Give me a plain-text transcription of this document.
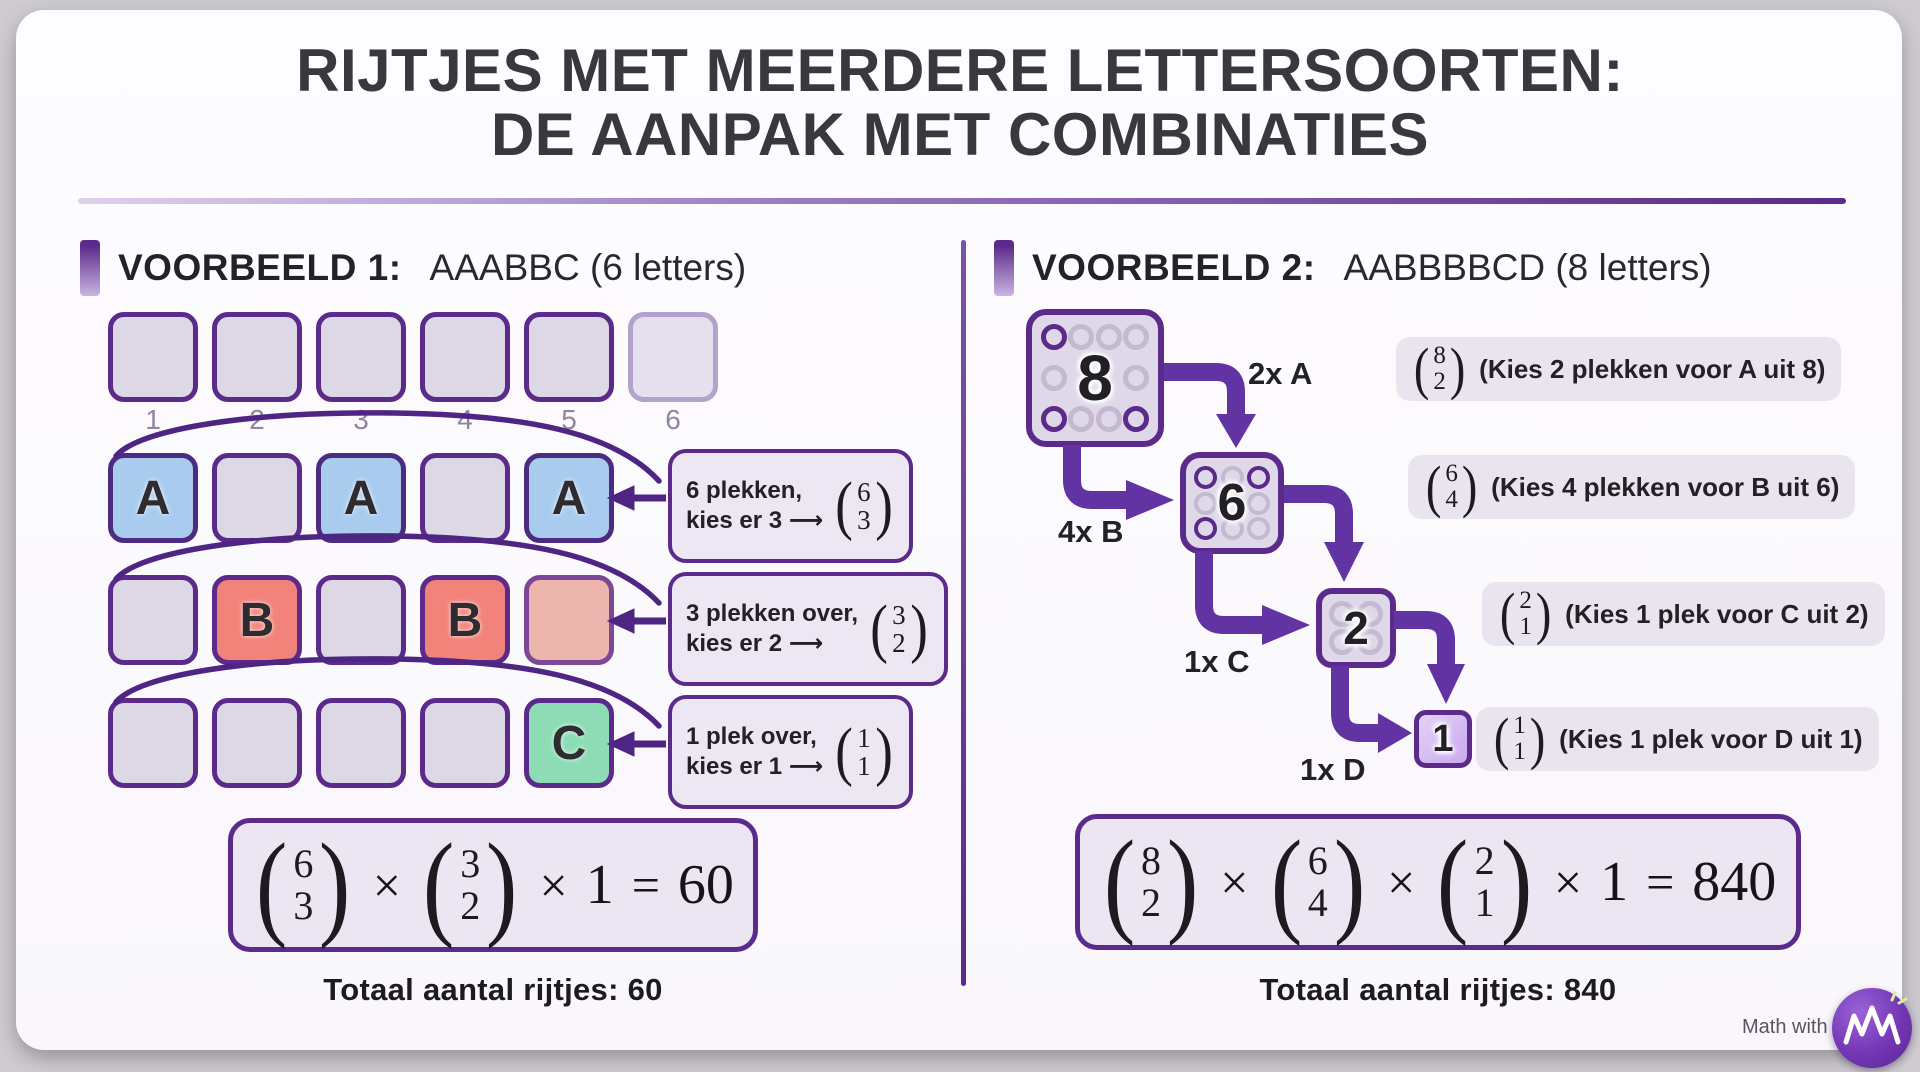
RIJTJES MET MEERDERE LETTERSOORTEN:
DE AANPAK MET COMBINATIES
VOORBEELD 1: AAABBC (6 letters)
1	2	3	4	5	6
A	A	A	6 plekken,
kies er 3 ⟶
( 6
3
)
B	B	3 plekken over,
kies er 2 ⟶
( 3
2
)
C	1 plek over,
kies er 1 ⟶
( 1
1
)
( 6
3
) × ( 3
2
) × 1 = 60
Totaal aantal rijtjes: 60
VOORBEELD 2: AABBBBCD (8 letters)
8
6
2
1
2x A
4x B
1x C
1x D
( 8
2
) (Kies 2 plekken voor A uit 8)
( 6
4
) (Kies 4 plekken voor B uit 6)
( 2
1
) (Kies 1 plek voor C uit 2)
( 1
1
) (Kies 1 plek voor D uit 1)
( 8
2
) × ( 6
4
) × ( 2
1
) × 1 = 840
Totaal aantal rijtjes: 840
Math with
